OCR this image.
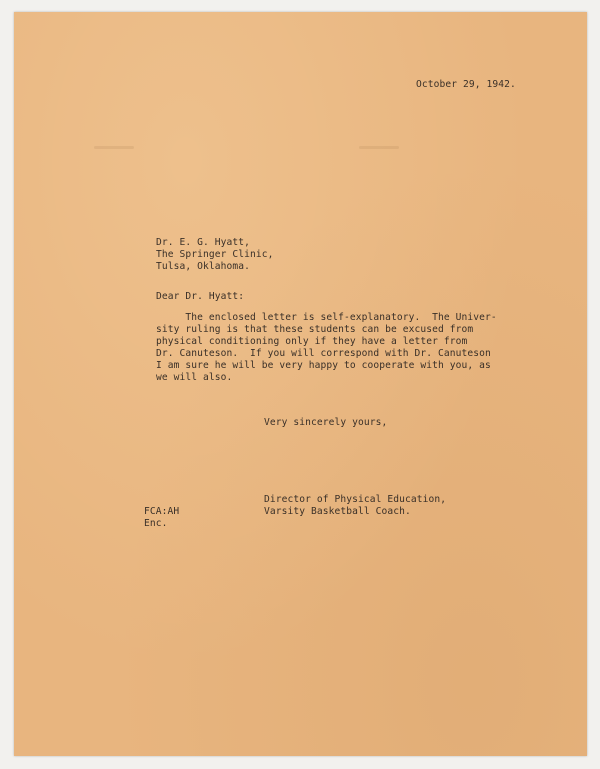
October 29, 1942.
Dr. E. G. Hyatt,
The Springer Clinic,
Tulsa, Oklahoma.
Dear Dr. Hyatt:
The enclosed letter is self-explanatory.  The Univer-
sity ruling is that these students can be excused from
physical conditioning only if they have a letter from
Dr. Canuteson.  If you will correspond with Dr. Canuteson
I am sure he will be very happy to cooperate with you, as
we will also.
Very sincerely yours,
Director of Physical Education,
Varsity Basketball Coach.
FCA:AH
Enc.
